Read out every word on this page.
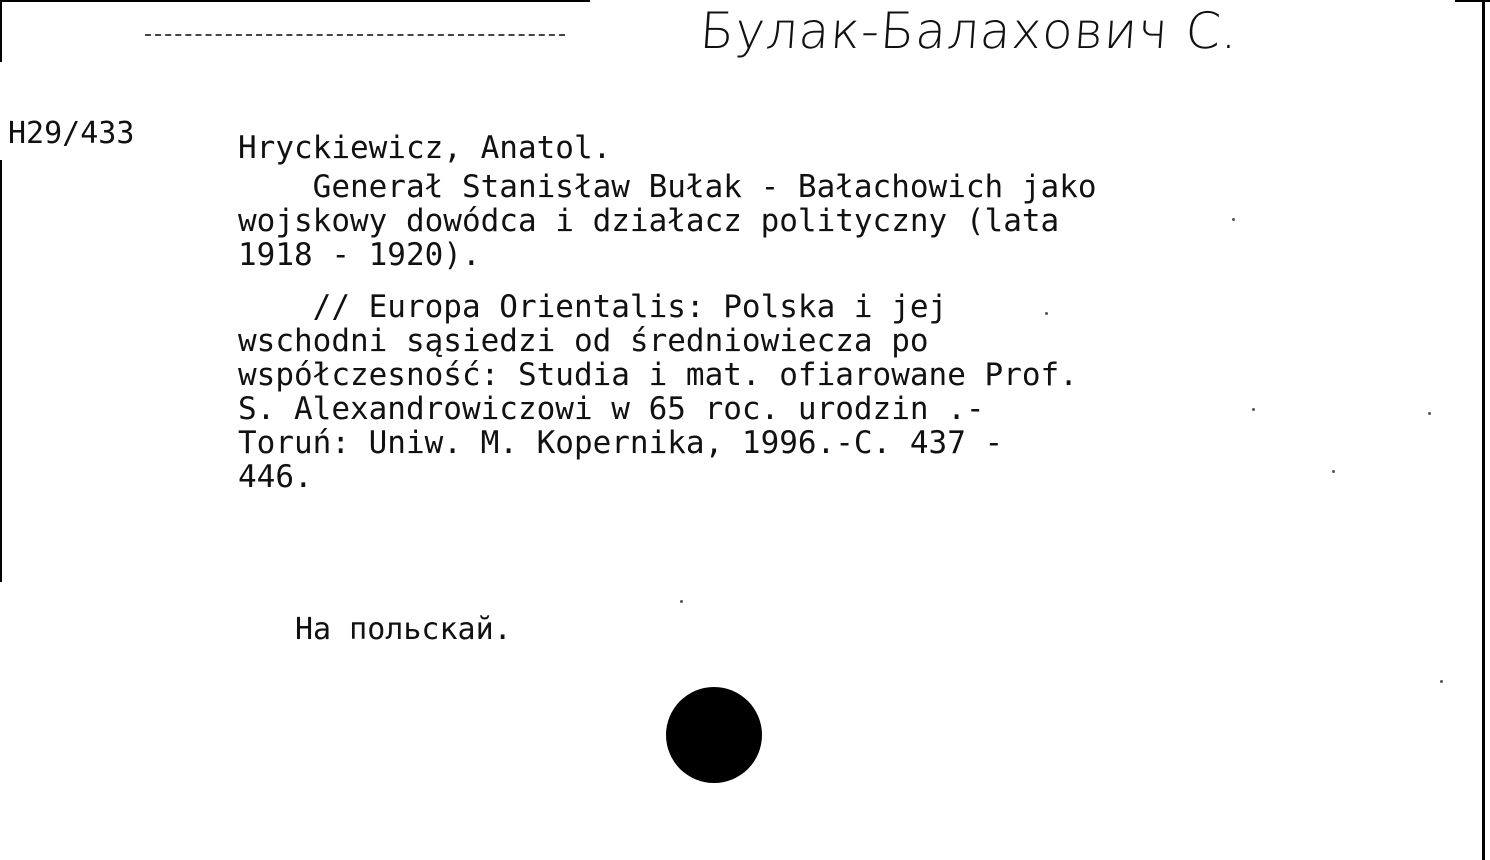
Булак-Балахович С.
H29/433	Hryckiewicz, Anatol.
Generał Stanisław Bułak - Bałachowich jako
wojskowy dowódca i działacz polityczny (lata
1918 - 1920).
// Europa Orientalis: Polska i jej
wschodni sąsiedzi od średniowiecza po
współczesność: Studia i mat. ofiarowane Prof.
S. Alexandrowiczowi w 65 roc. urodzin .-
Toruń: Uniw. M. Kopernika, 1996.-C. 437 -
446.
На польскай.
